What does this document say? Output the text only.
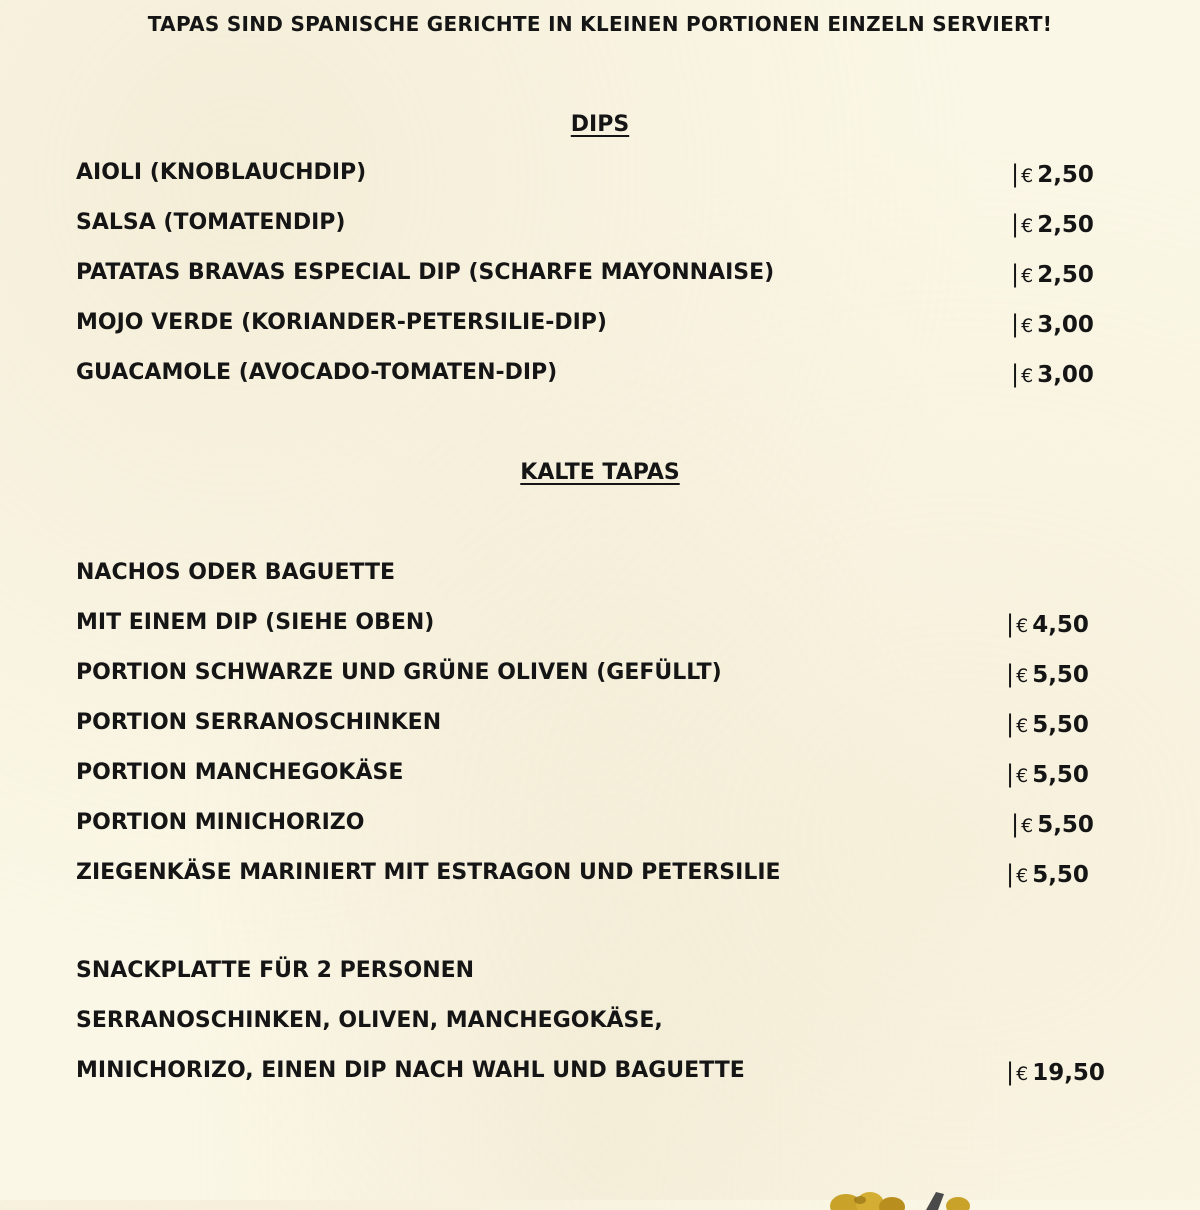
TAPAS SIND SPANISCHE GERICHTE IN KLEINEN PORTIONEN EINZELN SERVIERT!
DIPS
AIOLI (KNOBLAUCHDIP)	| € 2,50
SALSA (TOMATENDIP)	| € 2,50
PATATAS BRAVAS ESPECIAL DIP (SCHARFE MAYONNAISE)	| € 2,50
MOJO VERDE (KORIANDER-PETERSILIE-DIP)	| € 3,00
GUACAMOLE (AVOCADO-TOMATEN-DIP)	| € 3,00
KALTE TAPAS
NACHOS ODER BAGUETTE
MIT EINEM DIP (SIEHE OBEN)	| € 4,50
PORTION SCHWARZE UND GRÜNE OLIVEN (GEFÜLLT)	| € 5,50
PORTION SERRANOSCHINKEN	| € 5,50
PORTION MANCHEGOKÄSE	| € 5,50
PORTION MINICHORIZO	| € 5,50
ZIEGENKÄSE MARINIERT MIT ESTRAGON UND PETERSILIE	| € 5,50
SNACKPLATTE FÜR 2 PERSONEN
SERRANOSCHINKEN, OLIVEN, MANCHEGOKÄSE,
MINICHORIZO, EINEN DIP NACH WAHL UND BAGUETTE	| € 19,50
